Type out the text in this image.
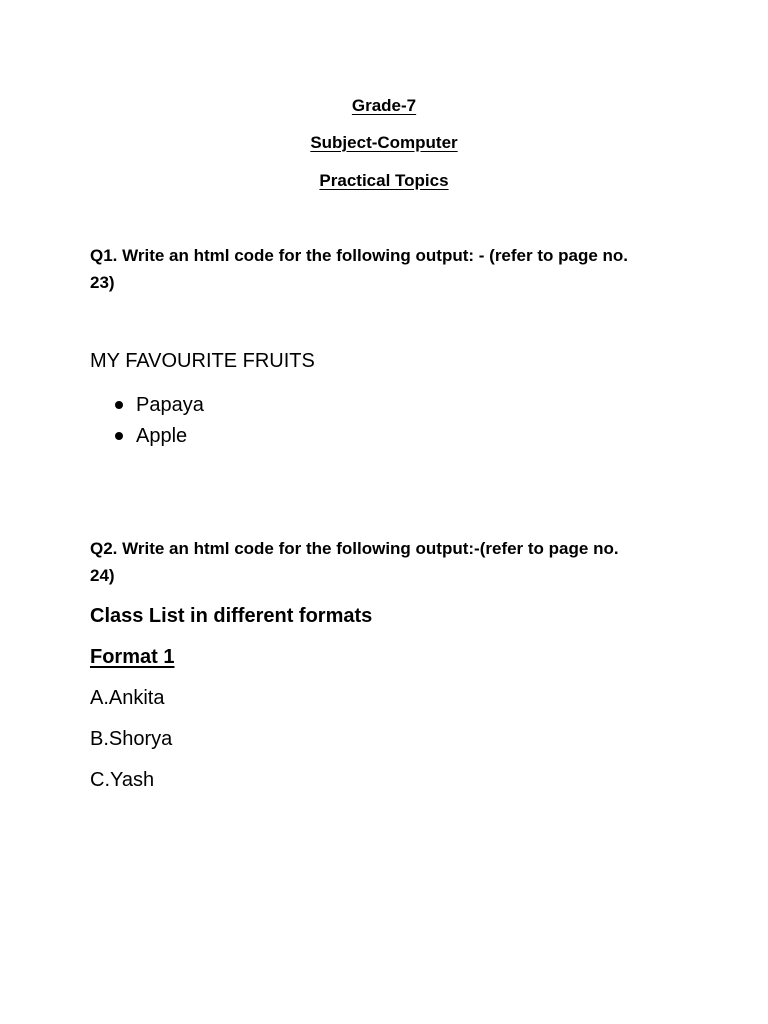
Grade-7
Subject-Computer
Practical Topics
Q1. Write an html code for the following output: - (refer to page no.
23)
MY FAVOURITE FRUITS
Papaya
Apple
Q2. Write an html code for the following output:-(refer to page no.
24)
Class List in different formats
Format 1
A.Ankita
B.Shorya
C.Yash
